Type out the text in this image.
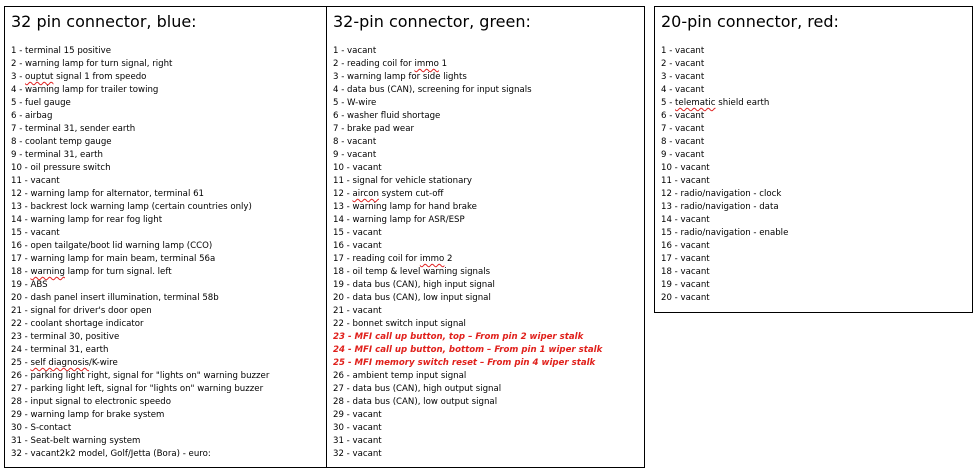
32 pin connector, blue:
1 - terminal 15 positive
2 - warning lamp for turn signal, right
3 - ouptut signal 1 from speedo
4 - warning lamp for trailer towing
5 - fuel gauge
6 - airbag
7 - terminal 31, sender earth
8 - coolant temp gauge
9 - terminal 31, earth
10 - oil pressure switch
11 - vacant
12 - warning lamp for alternator, terminal 61
13 - backrest lock warning lamp (certain countries only)
14 - warning lamp for rear fog light
15 - vacant
16 - open tailgate/boot lid warning lamp (CCO)
17 - warning lamp for main beam, terminal 56a
18 - warning lamp for turn signal. left
19 - ABS
20 - dash panel insert illumination, terminal 58b
21 - signal for driver's door open
22 - coolant shortage indicator
23 - terminal 30, positive
24 - terminal 31, earth
25 - self diagnosis/K-wire
26 - parking light right, signal for "lights on" warning buzzer
27 - parking light left, signal for "lights on" warning buzzer
28 - input signal to electronic speedo
29 - warning lamp for brake system
30 - S-contact
31 - Seat-belt warning system
32 - vacant2k2 model, Golf/Jetta (Bora) - euro:
32-pin connector, green:
1 - vacant
2 - reading coil for immo 1
3 - warning lamp for side lights
4 - data bus (CAN), screening for input signals
5 - W-wire
6 - washer fluid shortage
7 - brake pad wear
8 - vacant
9 - vacant
10 - vacant
11 - signal for vehicle stationary
12 - aircon system cut-off
13 - warning lamp for hand brake
14 - warning lamp for ASR/ESP
15 - vacant
16 - vacant
17 - reading coil for immo 2
18 - oil temp & level warning signals
19 - data bus (CAN), high input signal
20 - data bus (CAN), low input signal
21 - vacant
22 - bonnet switch input signal
23 - MFI call up button, top – From pin 2 wiper stalk
24 - MFI call up button, bottom – From pin 1 wiper stalk
25 - MFI memory switch reset – From pin 4 wiper stalk
26 - ambient temp input signal
27 - data bus (CAN), high output signal
28 - data bus (CAN), low output signal
29 - vacant
30 - vacant
31 - vacant
32 - vacant
20-pin connector, red:
1 - vacant
2 - vacant
3 - vacant
4 - vacant
5 - telematic shield earth
6 - vacant
7 - vacant
8 - vacant
9 - vacant
10 - vacant
11 - vacant
12 - radio/navigation - clock
13 - radio/navigation - data
14 - vacant
15 - radio/navigation - enable
16 - vacant
17 - vacant
18 - vacant
19 - vacant
20 - vacant
